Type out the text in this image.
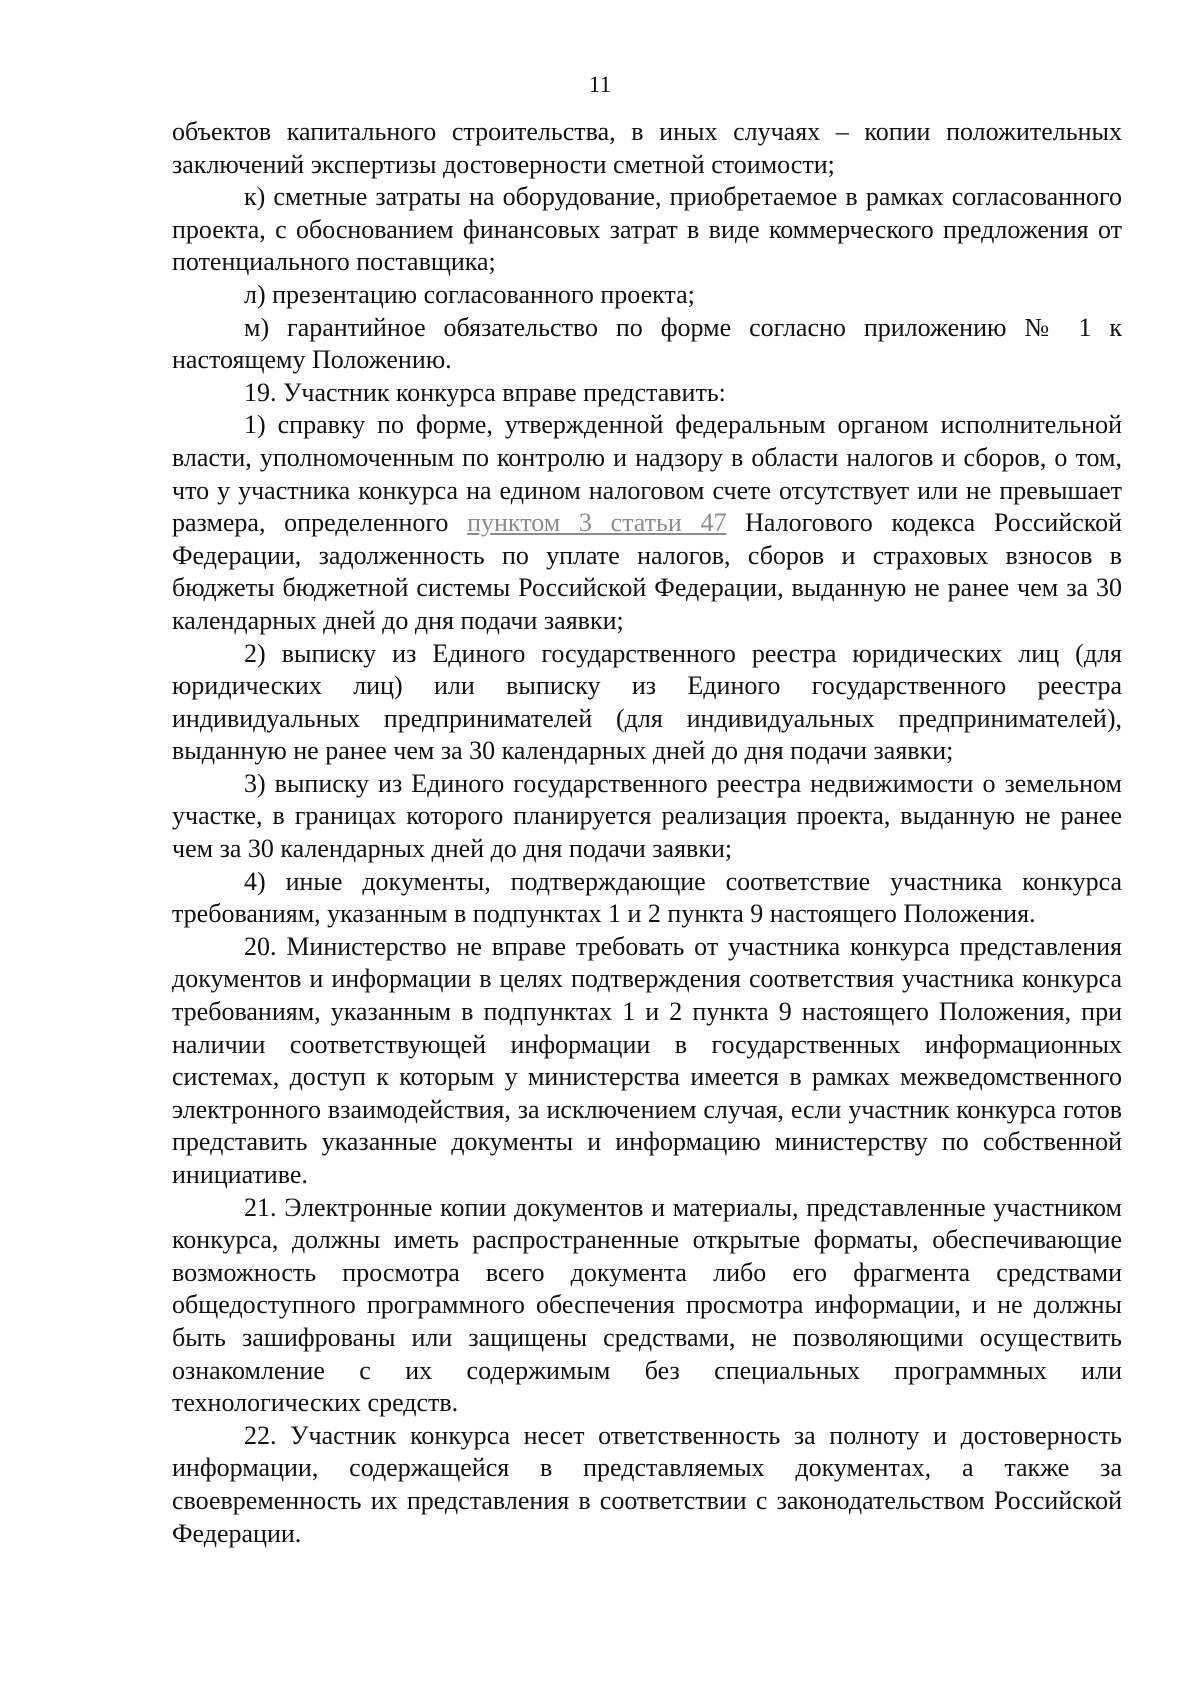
11

объектов капитального строительства, в иных случаях – копии положительных заключений экспертизы достоверности сметной стоимости;

к) сметные затраты на оборудование, приобретаемое в рамках согласованного проекта, с обоснованием финансовых затрат в виде коммерческого предложения от потенциального поставщика;

л) презентацию согласованного проекта;

м) гарантийное обязательство по форме согласно приложению № 1 к настоящему Положению.

19. Участник конкурса вправе представить:

1) справку по форме, утвержденной федеральным органом исполнительной власти, уполномоченным по контролю и надзору в области налогов и сборов, о том, что у участника конкурса на едином налоговом счете отсутствует или не превышает размера, определенного пунктом 3 статьи 47 Налогового кодекса Российской Федерации, задолженность по уплате налогов, сборов и страховых взносов в бюджеты бюджетной системы Российской Федерации, выданную не ранее чем за 30 календарных дней до дня подачи заявки;

2) выписку из Единого государственного реестра юридических лиц (для юридических лиц) или выписку из Единого государственного реестра индивидуальных предпринимателей (для индивидуальных предпринимателей), выданную не ранее чем за 30 календарных дней до дня подачи заявки;

3) выписку из Единого государственного реестра недвижимости о земельном участке, в границах которого планируется реализация проекта, выданную не ранее чем за 30 календарных дней до дня подачи заявки;

4) иные документы, подтверждающие соответствие участника конкурса требованиям, указанным в подпунктах 1 и 2 пункта 9 настоящего Положения.

20. Министерство не вправе требовать от участника конкурса представления документов и информации в целях подтверждения соответствия участника конкурса требованиям, указанным в подпунктах 1 и 2 пункта 9 настоящего Положения, при наличии соответствующей информации в государственных информационных системах, доступ к которым у министерства имеется в рамках межведомственного электронного взаимодействия, за исключением случая, если участник конкурса готов представить указанные документы и информацию министерству по собственной инициативе.

21. Электронные копии документов и материалы, представленные участником конкурса, должны иметь распространенные открытые форматы, обеспечивающие возможность просмотра всего документа либо его фрагмента средствами общедоступного программного обеспечения просмотра информации, и не должны быть зашифрованы или защищены средствами, не позволяющими осуществить ознакомление с их содержимым без специальных программных или технологических средств.

22. Участник конкурса несет ответственность за полноту и достоверность информации, содержащейся в представляемых документах, а также за своевременность их представления в соответствии с законодательством Российской Федерации.
